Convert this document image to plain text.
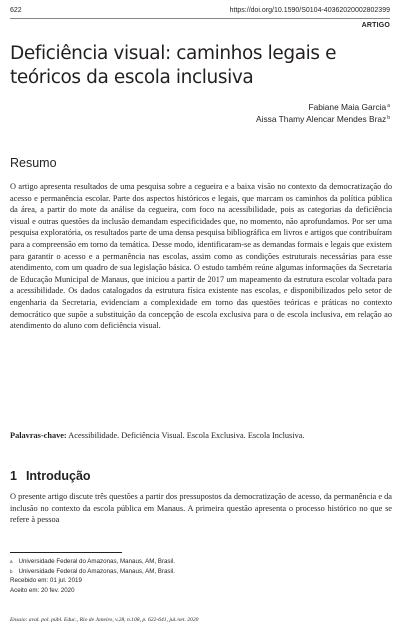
622	https://doi.org/10.1590/S0104-40362020002802399
ARTIGO
Deficiência visual: caminhos legais e teóricos da escola inclusiva
Fabiane Maia Garcia$^a$
Aissa Thamy Alencar Mendes Braz$^b$
Resumo

O artigo apresenta resultados de uma pesquisa sobre a cegueira e a baixa visão no contexto da democratização do acesso e permanência escolar. Parte dos aspectos históricos e legais, que marcam os caminhos da política pública da área, a partir do mote da análise da cegueira, com foco na acessibilidade, pois as categorias da deficiência visual e outras questões da inclusão demandam especificidades que, no momento, não aprofundamos. Por ser uma pesquisa exploratória, os resultados parte de uma densa pesquisa bibliográfica em livros e artigos que contribuíram para a compreensão em torno da temática. Desse modo, identificaram-se as demandas formais e legais que existem para garantir o acesso e a permanência nas escolas, assim como as condições estruturais necessárias para esse atendimento, com um quadro de sua legislação básica. O estudo também reúne algumas informações da Secretaria de Educação Municipal de Manaus, que iniciou a partir de 2017 um mapeamento da estrutura escolar voltada para a acessibilidade. Os dados catalogados da estrutura física existente nas escolas, e disponibilizados pelo setor de engenharia da Secretaria, evidenciam a complexidade em torno das questões teóricas e práticas no contexto democrático que supõe a substituição da concepção de escola exclusiva para o de escola inclusiva, em relação ao atendimento do aluno com deficiência visual.

Palavras-chave: Acessibilidade. Deficiência Visual. Escola Exclusiva. Escola Inclusiva.

1 Introdução

O presente artigo discute três questões a partir dos pressupostos da democratização de acesso, da permanência e da inclusão no contexto da escola pública em Manaus. A primeira questão apresenta o processo histórico no que se refere à pessoa

$^a$ Universidade Federal do Amazonas, Manaus, AM, Brasil.
$^b$ Universidade Federal do Amazonas, Manaus, AM, Brasil.
Recebido em: 01 jul. 2019
Aceito em: 20 fev. 2020
Ensaio: aval. pol. públ. Educ., Rio de Janeiro, v.28, n.108, p. 622-641, jul./set. 2020
